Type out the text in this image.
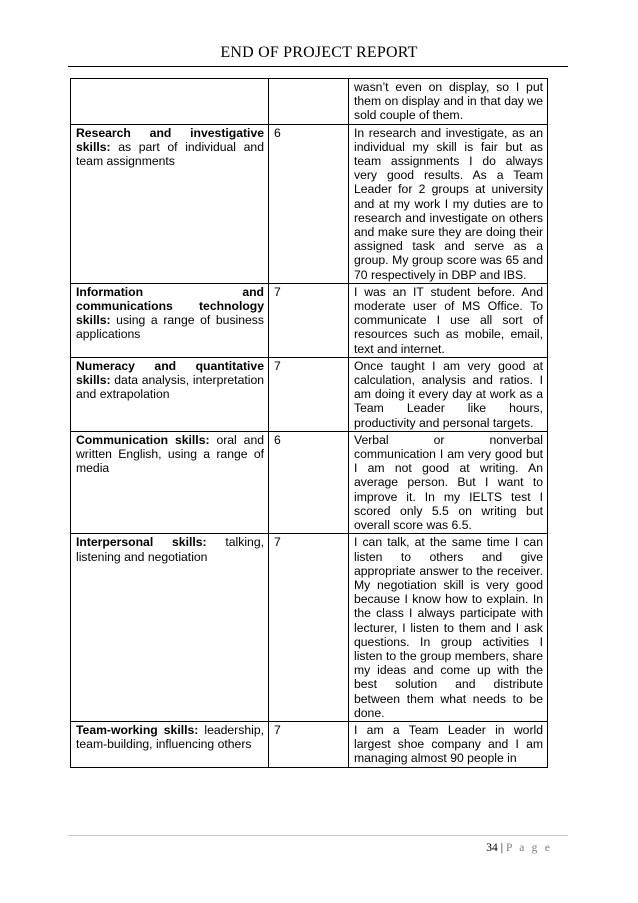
END OF PROJECT REPORT
		wasn’t even on display, so I put them on display and in that day we sold couple of them.
Research and investigative skills: as part of individual and team assignments	6	In research and investigate, as an individual my skill is fair but as team assignments I do always very good results. As a Team Leader for 2 groups at university and at my work I my duties are to research and investigate on others and make sure they are doing their assigned task and serve as a group. My group score was 65 and 70 respectively in DBP and IBS.
Information and communications technology skills: using a range of business applications	7	I was an IT student before. And moderate user of MS Office. To communicate I use all sort of resources such as mobile, email, text and internet.
Numeracy and quantitative skills: data analysis, interpretation and extrapolation	7	Once taught I am very good at calculation, analysis and ratios. I am doing it every day at work as a Team Leader like hours, productivity and personal targets.
Communication skills: oral and written English, using a range of media	6	Verbal or nonverbal communication I am very good but I am not good at writing. An average person. But I want to improve it. In my IELTS test I scored only 5.5 on writing but overall score was 6.5.
Interpersonal skills: talking, listening and negotiation	7	I can talk, at the same time I can listen to others and give appropriate answer to the receiver. My negotiation skill is very good because I know how to explain. In the class I always participate with lecturer, I listen to them and I ask questions. In group activities I listen to the group members, share my ideas and come up with the best solution and distribute between them what needs to be done.
Team-working skills: leadership, team-building, influencing others	7	I am a Team Leader in world largest shoe company and I am managing almost 90 people in
34 | P a g e
